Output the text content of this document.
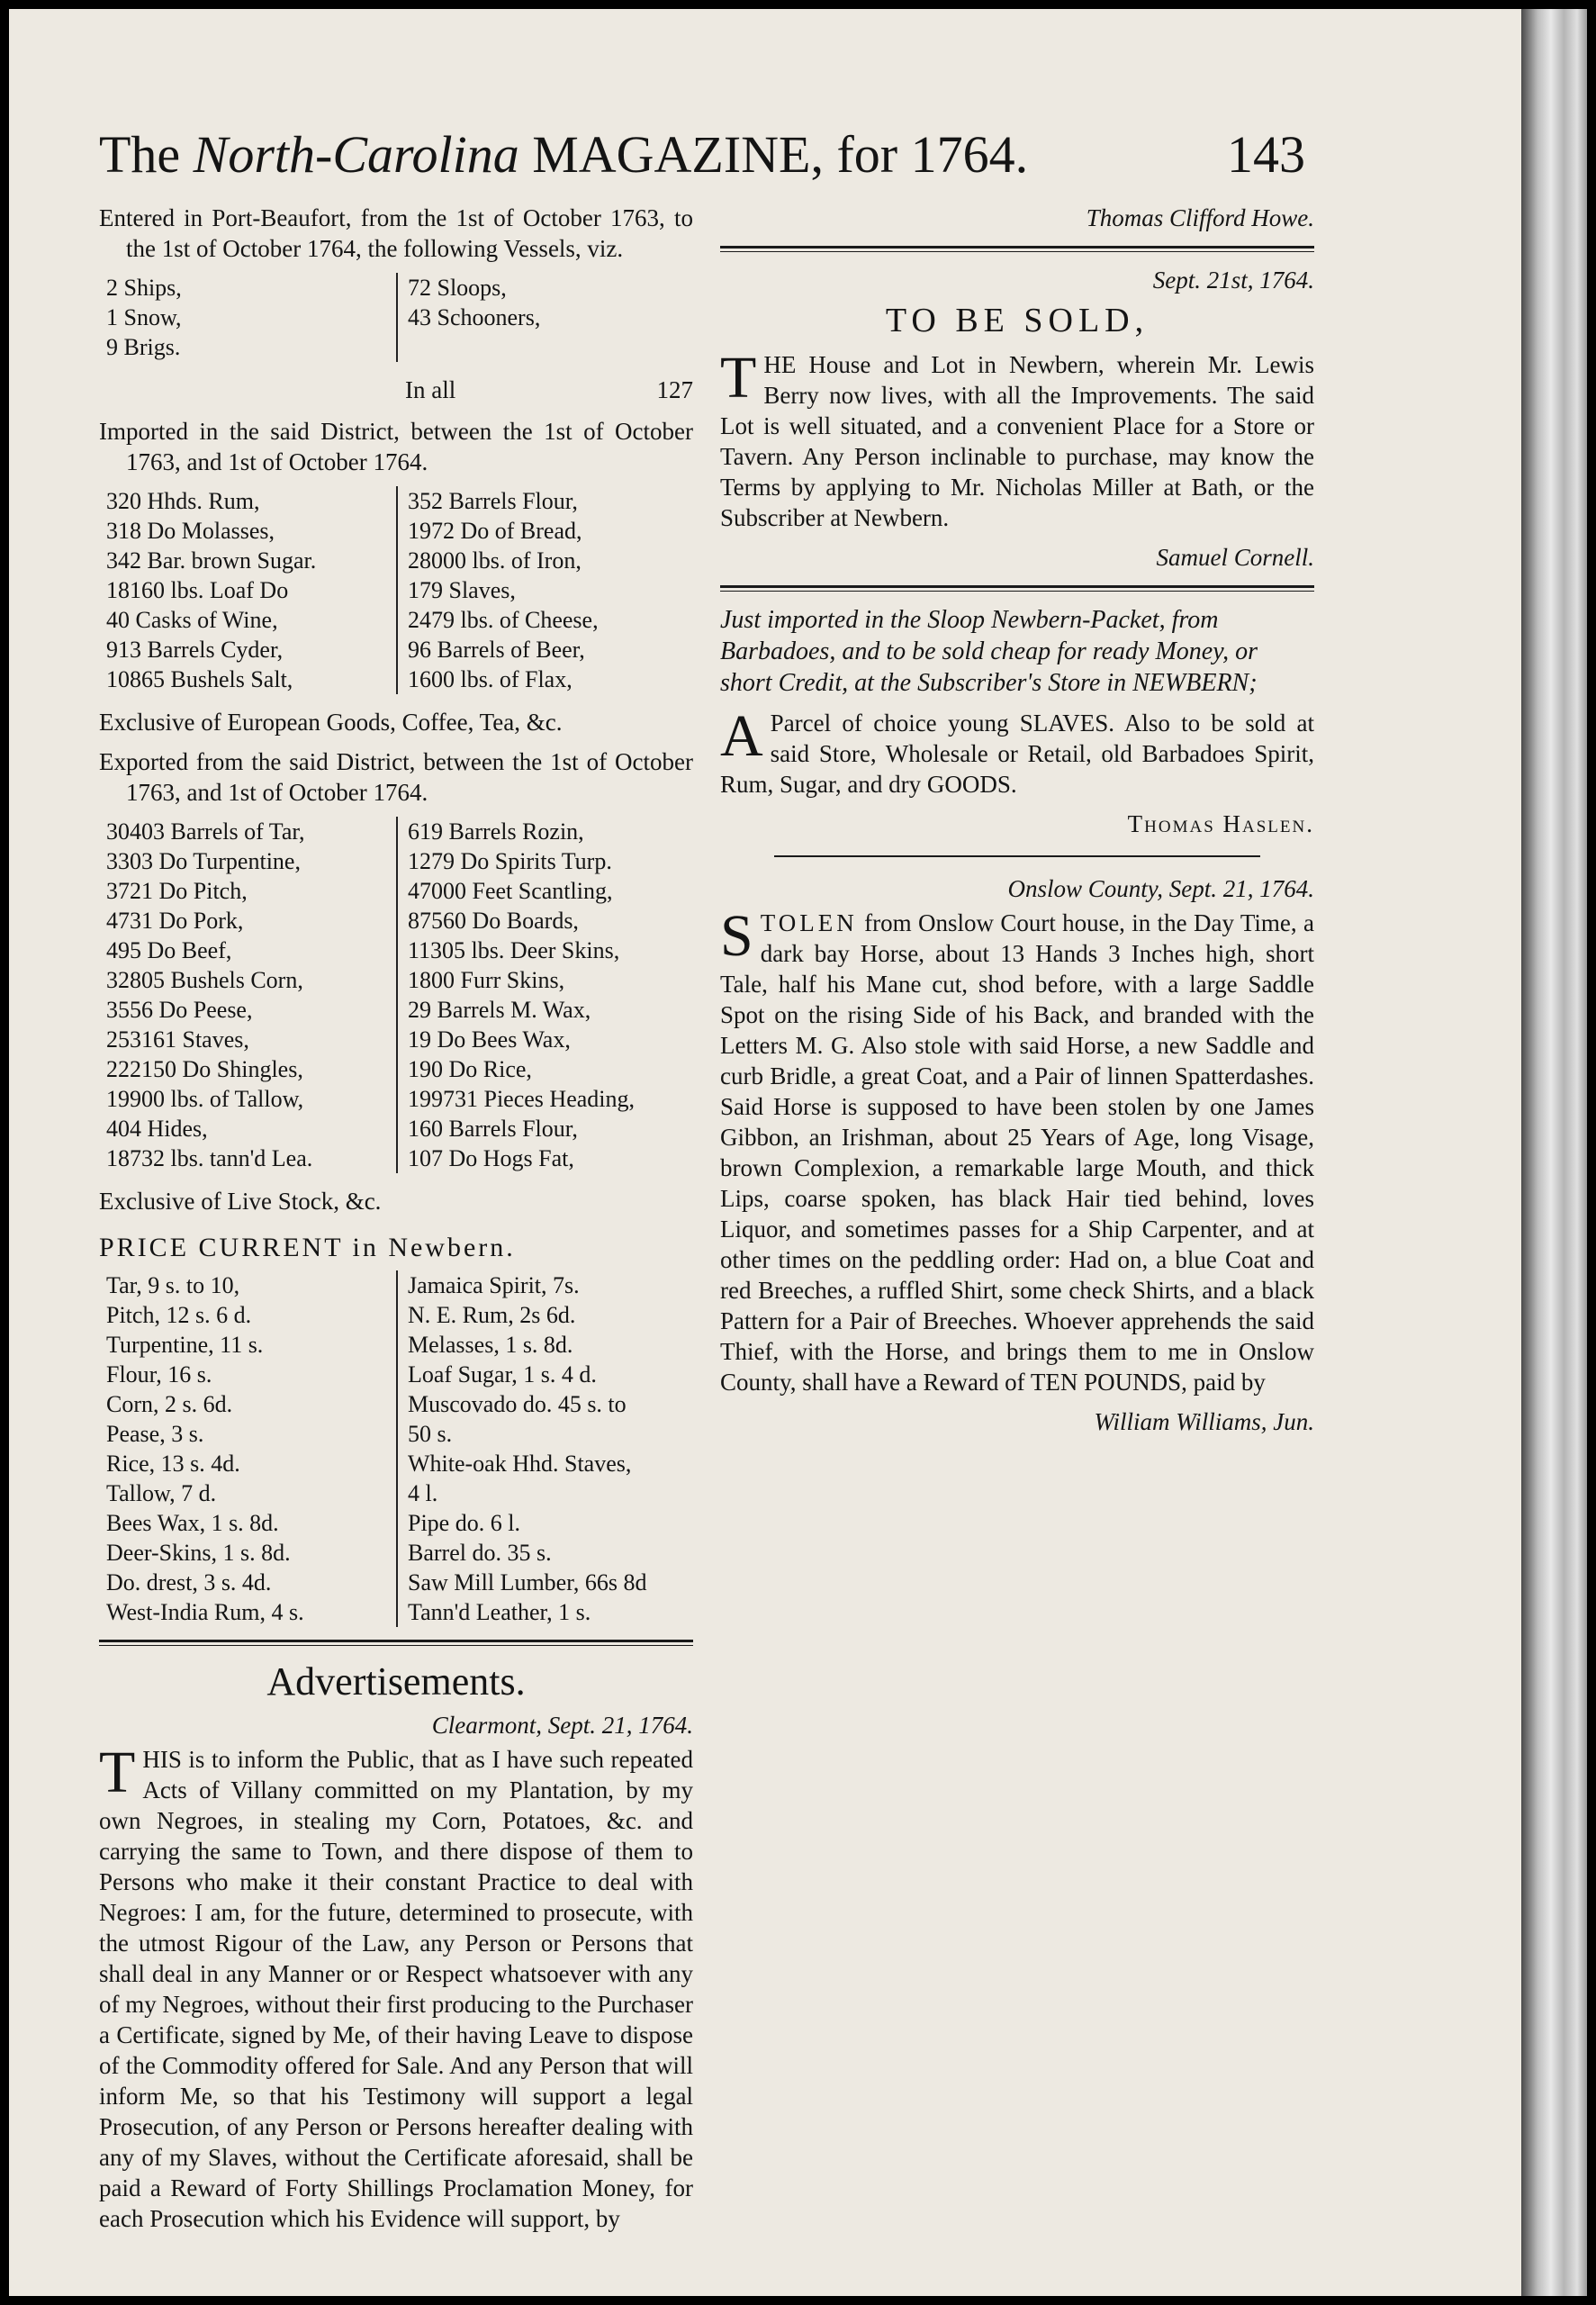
The North-Carolina MAGAZINE, for 1764.	143

Entered in Port-Beaufort, from the 1st of October 1763, to the 1st of October 1764, the following Vessels, viz.

2 Ships,	72 Sloops,
1 Snow,	43 Schooners,
9 Brigs.
In all	127

Imported in the said District, between the 1st of October 1763, and 1st of October 1764.

320 Hhds. Rum,	352 Barrels Flour,
318 Do Molasses,	1972 Do of Bread,
342 Bar. brown Sugar.	28000 lbs. of Iron,
18160 lbs. Loaf Do	179 Slaves,
40 Casks of Wine,	2479 lbs. of Cheese,
913 Barrels Cyder,	96 Barrels of Beer,
10865 Bushels Salt,	1600 lbs. of Flax,

Exclusive of European Goods, Coffee, Tea, &c.

Exported from the said District, between the 1st of October 1763, and 1st of October 1764.

30403 Barrels of Tar,	619 Barrels Rozin,
3303 Do Turpentine,	1279 Do Spirits Turp.
3721 Do Pitch,	47000 Feet Scantling,
4731 Do Pork,	87560 Do Boards,
495 Do Beef,	11305 lbs. Deer Skins,
32805 Bushels Corn,	1800 Furr Skins,
3556 Do Peese,	29 Barrels M. Wax,
253161 Staves,	19 Do Bees Wax,
222150 Do Shingles,	190 Do Rice,
19900 lbs. of Tallow,	199731 Pieces Heading,
404 Hides,	160 Barrels Flour,
18732 lbs. tann'd Lea.	107 Do Hogs Fat,

Exclusive of Live Stock, &c.

PRICE CURRENT in Newbern.
Tar, 9 s. to 10,	Jamaica Spirit, 7s.
Pitch, 12 s. 6 d.	N. E. Rum, 2s 6d.
Turpentine, 11 s.	Melasses, 1 s. 8d.
Flour, 16 s.	Loaf Sugar, 1 s. 4 d.
Corn, 2 s. 6d.	Muscovado do. 45 s. to
Pease, 3 s.	50 s.
Rice, 13 s. 4d.	White-oak Hhd. Staves,
Tallow, 7 d.	4 l.
Bees Wax, 1 s. 8d.	Pipe do. 6 l.
Deer-Skins, 1 s. 8d.	Barrel do. 35 s.
Do. drest, 3 s. 4d.	Saw Mill Lumber, 66s 8d
West-India Rum, 4 s.	Tann'd Leather, 1 s.
Advertisements.

Clearmont, Sept. 21, 1764.

THIS is to inform the Public, that as I have such repeated Acts of Villany committed on my Plantation, by my own Negroes, in stealing my Corn, Potatoes, &c. and carrying the same to Town, and there dispose of them to Persons who make it their constant Practice to deal with Negroes: I am, for the future, determined to prosecute, with the utmost Rigour of the Law, any Person or Persons that shall deal in any Manner or or Respect whatsoever with any of my Negroes, without their first producing to the Purchaser a Certificate, signed by Me, of their having Leave to dispose of the Commodity offered for Sale. And any Person that will inform Me, so that his Testimony will support a legal Prosecution, of any Person or Persons hereafter dealing with any of my Slaves, without the Certificate aforesaid, shall be paid a Reward of Forty Shillings Proclamation Money, for each Prosecution which his Evidence will support, by

Thomas Clifford Howe.

Sept. 21st, 1764.

TO BE SOLD,

THE House and Lot in Newbern, wherein Mr. Lewis Berry now lives, with all the Improvements. The said Lot is well situated, and a convenient Place for a Store or Tavern. Any Person inclinable to purchase, may know the Terms by applying to Mr. Nicholas Miller at Bath, or the Subscriber at Newbern.

Samuel Cornell.

Just imported in the Sloop Newbern-Packet, from Barbadoes, and to be sold cheap for ready Money, or short Credit, at the Subscriber's Store in NEWBERN;

A Parcel of choice young SLAVES. Also to be sold at said Store, Wholesale or Retail, old Barbadoes Spirit, Rum, Sugar, and dry GOODS.

Thomas Haslen.

Onslow County, Sept. 21, 1764.

STOLEN from Onslow Court house, in the Day Time, a dark bay Horse, about 13 Hands 3 Inches high, short Tale, half his Mane cut, shod before, with a large Saddle Spot on the rising Side of his Back, and branded with the Letters M. G. Also stole with said Horse, a new Saddle and curb Bridle, a great Coat, and a Pair of linnen Spatterdashes. Said Horse is supposed to have been stolen by one James Gibbon, an Irishman, about 25 Years of Age, long Visage, brown Complexion, a remarkable large Mouth, and thick Lips, coarse spoken, has black Hair tied behind, loves Liquor, and sometimes passes for a Ship Carpenter, and at other times on the peddling order: Had on, a blue Coat and red Breeches, a ruffled Shirt, some check Shirts, and a black Pattern for a Pair of Breeches. Whoever apprehends the said Thief, with the Horse, and brings them to me in Onslow County, shall have a Reward of TEN POUNDS, paid by

William Williams, Jun.
